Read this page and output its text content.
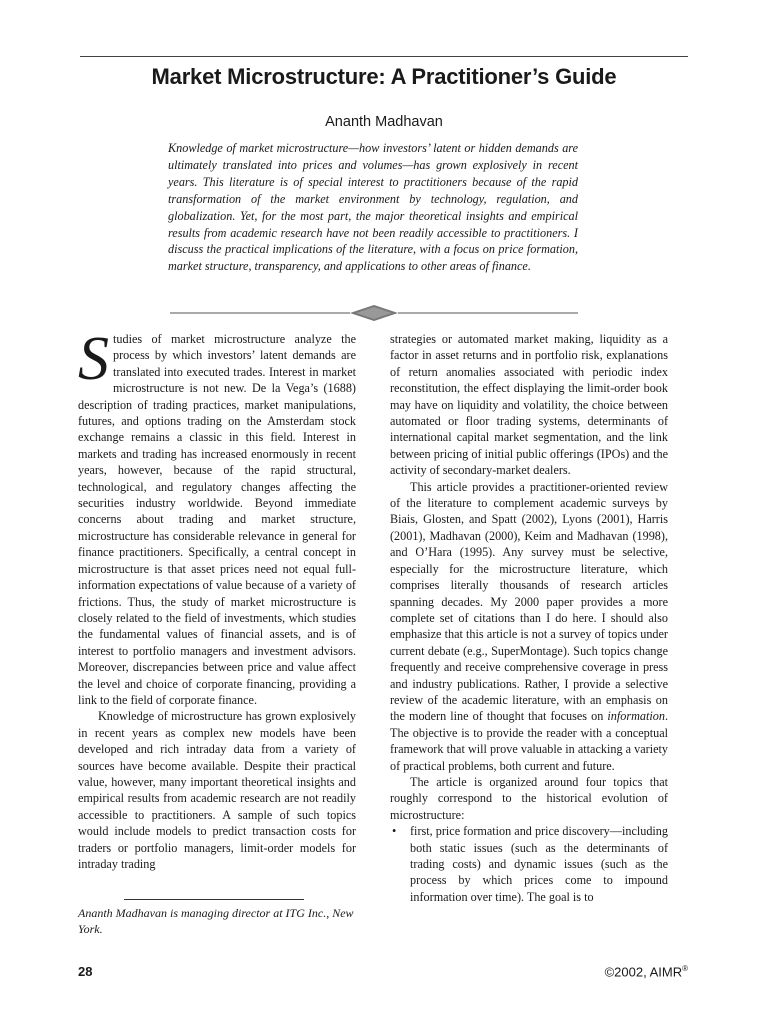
Market Microstructure: A Practitioner’s Guide

Ananth Madhavan

Knowledge of market microstructure—how investors’ latent or hidden demands are ultimately translated into prices and volumes—has grown explosively in recent years. This literature is of special interest to practitioners because of the rapid transformation of the market environment by technology, regulation, and globalization. Yet, for the most part, the major theoretical insights and empirical results from academic research have not been readily accessible to practitioners. I discuss the practical implications of the literature, with a focus on price formation, market structure, transparency, and applications to other areas of finance.

Studies of market microstructure analyze the process by which investors’ latent demands are translated into executed trades. Interest in market microstructure is not new. De la Vega’s (1688) description of trading practices, market manipulations, futures, and options trading on the Amsterdam stock exchange remains a classic in this field. Interest in markets and trading has increased enormously in recent years, however, because of the rapid structural, technological, and regulatory changes affecting the securities industry worldwide. Beyond immediate concerns about trading and market structure, microstructure has considerable relevance in general for finance practitioners. Specifically, a central concept in microstructure is that asset prices need not equal full-information expectations of value because of a variety of frictions. Thus, the study of market microstructure is closely related to the field of investments, which studies the fundamental values of financial assets, and is of interest to portfolio managers and investment advisors. Moreover, discrepancies between price and value affect the level and choice of corporate financing, providing a link to the field of corporate finance.

Knowledge of microstructure has grown explosively in recent years as complex new models have been developed and rich intraday data from a variety of sources have become available. Despite their practical value, however, many important theoretical insights and empirical results from academic research are not readily accessible to practitioners. A sample of such topics would include models to predict transaction costs for traders or portfolio managers, limit-order models for intraday trading

strategies or automated market making, liquidity as a factor in asset returns and in portfolio risk, explanations of return anomalies associated with periodic index reconstitution, the effect displaying the limit-order book may have on liquidity and volatility, the choice between automated or floor trading systems, determinants of international capital market segmentation, and the link between pricing of initial public offerings (IPOs) and the activity of secondary-market dealers.

This article provides a practitioner-oriented review of the literature to complement academic surveys by Biais, Glosten, and Spatt (2002), Lyons (2001), Harris (2001), Madhavan (2000), Keim and Madhavan (1998), and O’Hara (1995). Any survey must be selective, especially for the microstructure literature, which comprises literally thousands of research articles spanning decades. My 2000 paper provides a more complete set of citations than I do here. I should also emphasize that this article is not a survey of topics under current debate (e.g., SuperMontage). Such topics change frequently and receive comprehensive coverage in press and industry publications. Rather, I provide a selective review of the academic literature, with an emphasis on the modern line of thought that focuses on information. The objective is to provide the reader with a conceptual framework that will prove valuable in attacking a variety of practical problems, both current and future.

The article is organized around four topics that roughly correspond to the historical evolution of microstructure:

• first, price formation and price discovery—including both static issues (such as the determinants of trading costs) and dynamic issues (such as the process by which prices come to impound information over time). The goal is to

Ananth Madhavan is managing director at ITG Inc., New York.

28	©2002, AIMR®
